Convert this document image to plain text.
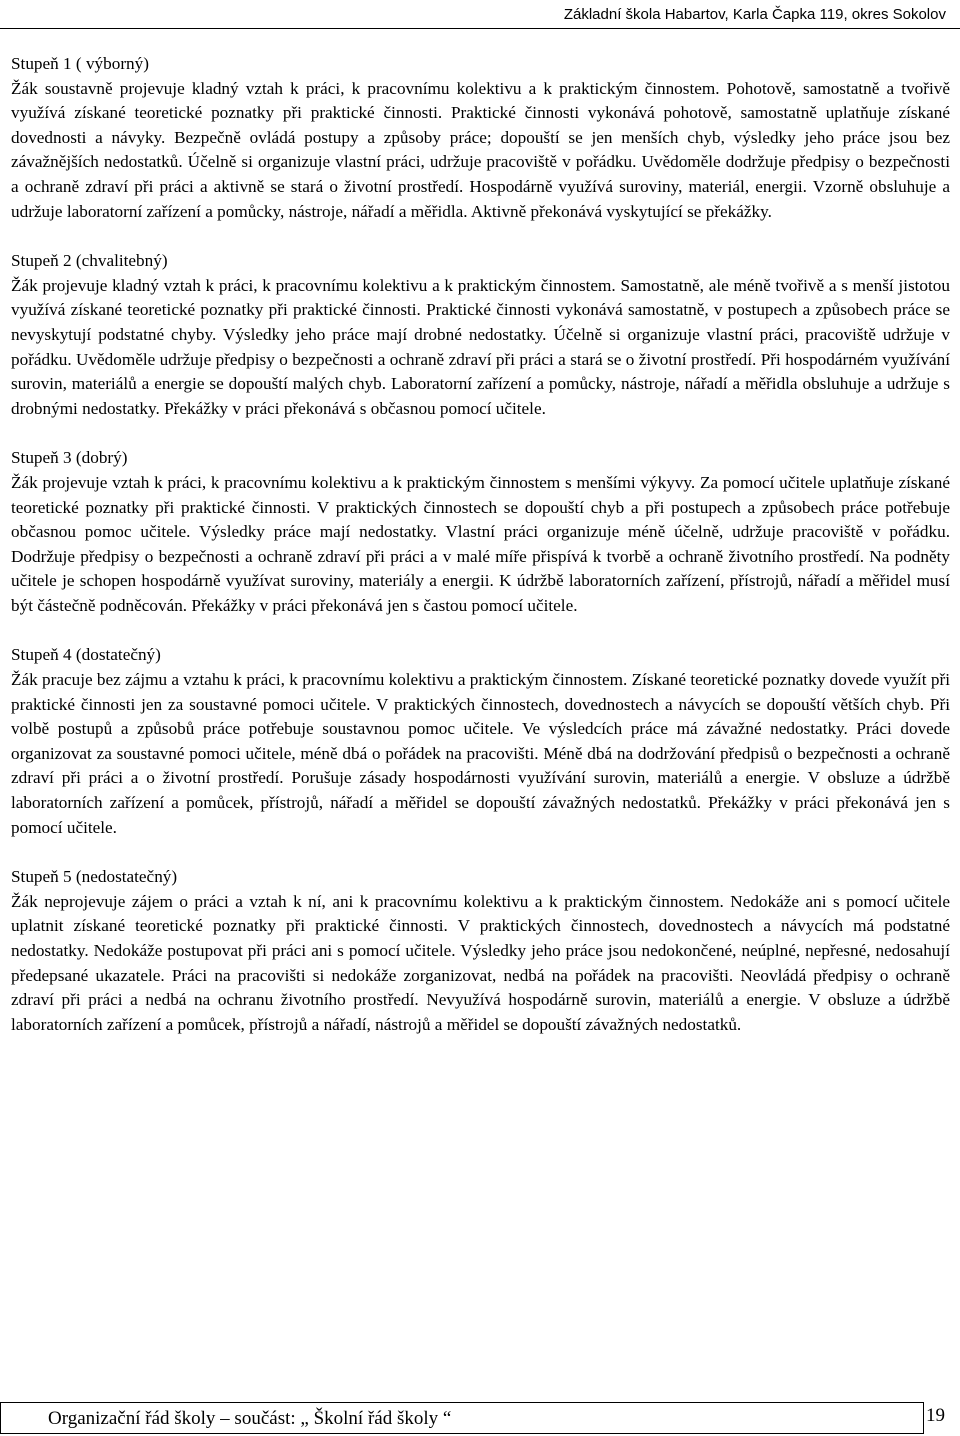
Základní škola Habartov, Karla Čapka 119, okres Sokolov

Stupeň 1 ( výborný)

Žák soustavně projevuje kladný vztah k práci, k pracovnímu kolektivu a k praktickým činnostem. Pohotově, samostatně a tvořivě využívá získané teoretické poznatky při praktické činnosti. Praktické činnosti vykonává pohotově, samostatně uplatňuje získané dovednosti a návyky. Bezpečně ovládá postupy a způsoby práce; dopouští se jen menších chyb, výsledky jeho práce jsou bez závažnějších nedostatků. Účelně si organizuje vlastní práci, udržuje pracoviště v pořádku. Uvědoměle dodržuje předpisy o bezpečnosti a ochraně zdraví při práci a aktivně se stará o životní prostředí. Hospodárně využívá suroviny, materiál, energii. Vzorně obsluhuje a udržuje laboratorní zařízení a pomůcky, nástroje, nářadí a měřidla. Aktivně překonává vyskytující se překážky.

Stupeň 2 (chvalitebný)

Žák projevuje kladný vztah k práci, k pracovnímu kolektivu a k praktickým činnostem. Samostatně, ale méně tvořivě a s menší jistotou využívá získané teoretické poznatky při praktické činnosti. Praktické činnosti vykonává samostatně, v postupech a způsobech práce se nevyskytují podstatné chyby. Výsledky jeho práce mají drobné nedostatky. Účelně si organizuje vlastní práci, pracoviště udržuje v pořádku. Uvědoměle udržuje předpisy o bezpečnosti a ochraně zdraví při práci a stará se o životní prostředí. Při hospodárném využívání surovin, materiálů a energie se dopouští malých chyb. Laboratorní zařízení a pomůcky, nástroje, nářadí a měřidla obsluhuje a udržuje s drobnými nedostatky. Překážky v práci překonává s občasnou pomocí učitele.

Stupeň 3 (dobrý)

Žák projevuje vztah k práci, k pracovnímu kolektivu a k praktickým činnostem s menšími výkyvy. Za pomocí učitele uplatňuje získané teoretické poznatky při praktické činnosti. V praktických činnostech se dopouští chyb a při postupech a způsobech práce potřebuje občasnou pomoc učitele. Výsledky práce mají nedostatky. Vlastní práci organizuje méně účelně, udržuje pracoviště v pořádku. Dodržuje předpisy o bezpečnosti a ochraně zdraví při práci a v malé míře přispívá k tvorbě a ochraně životního prostředí. Na podněty učitele je schopen hospodárně využívat suroviny, materiály a energii. K údržbě laboratorních zařízení, přístrojů, nářadí a měřidel musí být částečně podněcován. Překážky v práci překonává jen s častou pomocí učitele.

Stupeň 4 (dostatečný)

Žák pracuje bez zájmu a vztahu k práci, k pracovnímu kolektivu a praktickým činnostem. Získané teoretické poznatky dovede využít při praktické činnosti jen za soustavné pomoci učitele. V praktických činnostech, dovednostech a návycích se dopouští větších chyb. Při volbě postupů a způsobů práce potřebuje soustavnou pomoc učitele. Ve výsledcích práce má závažné nedostatky. Práci dovede organizovat za soustavné pomoci učitele, méně dbá o pořádek na pracovišti. Méně dbá na dodržování předpisů o bezpečnosti a ochraně zdraví při práci a o životní prostředí. Porušuje zásady hospodárnosti využívání surovin, materiálů a energie. V obsluze a údržbě laboratorních zařízení a pomůcek, přístrojů, nářadí a měřidel se dopouští závažných nedostatků. Překážky v práci překonává jen s pomocí učitele.

Stupeň 5 (nedostatečný)

Žák neprojevuje zájem o práci a vztah k ní, ani k pracovnímu kolektivu a k praktickým činnostem. Nedokáže ani s pomocí učitele uplatnit získané teoretické poznatky při praktické činnosti. V praktických činnostech, dovednostech a návycích má podstatné nedostatky. Nedokáže postupovat při práci ani s pomocí učitele. Výsledky jeho práce jsou nedokončené, neúplné, nepřesné, nedosahují předepsané ukazatele. Práci na pracovišti si nedokáže zorganizovat, nedbá na pořádek na pracovišti. Neovládá předpisy o ochraně zdraví při práci a nedbá na ochranu životního prostředí. Nevyužívá hospodárně surovin, materiálů a energie. V obsluze a údržbě laboratorních zařízení a pomůcek, přístrojů a nářadí, nástrojů a měřidel se dopouští závažných nedostatků.

Organizační řád školy – součást: „ Školní řád školy “	19
